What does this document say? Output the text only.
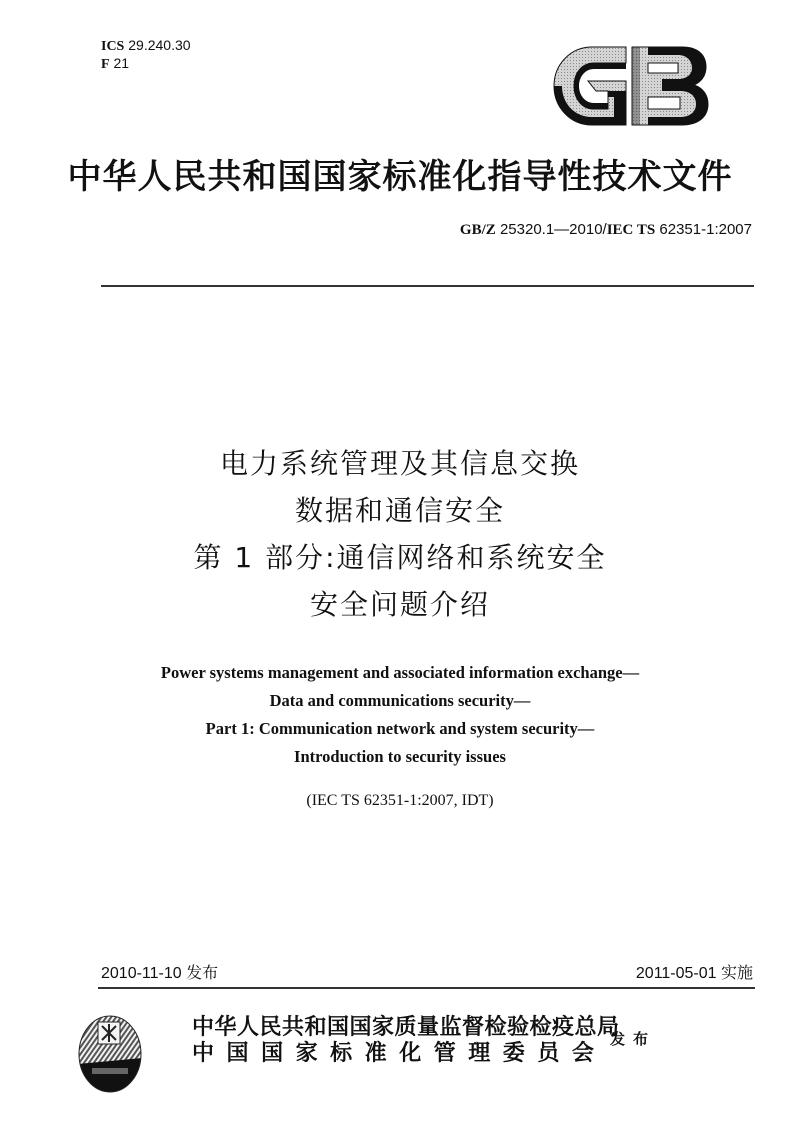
ICS 29.240.30
F 21
中华人民共和国国家标准化指导性技术文件
GB/Z 25320.1—2010/IEC TS 62351-1:2007
电力系统管理及其信息交换
数据和通信安全
第 1 部分:通信网络和系统安全
安全问题介绍
Power systems management and associated information exchange—
Data and communications security—
Part 1: Communication network and system security—
Introduction to security issues
(IEC TS 62351-1:2007, IDT)
2010-11-10 发布	2011-05-01 实施
中华人民共和国国家质量监督检验检疫总局
中 国 国 家 标 准 化 管 理 委 员 会
发布
